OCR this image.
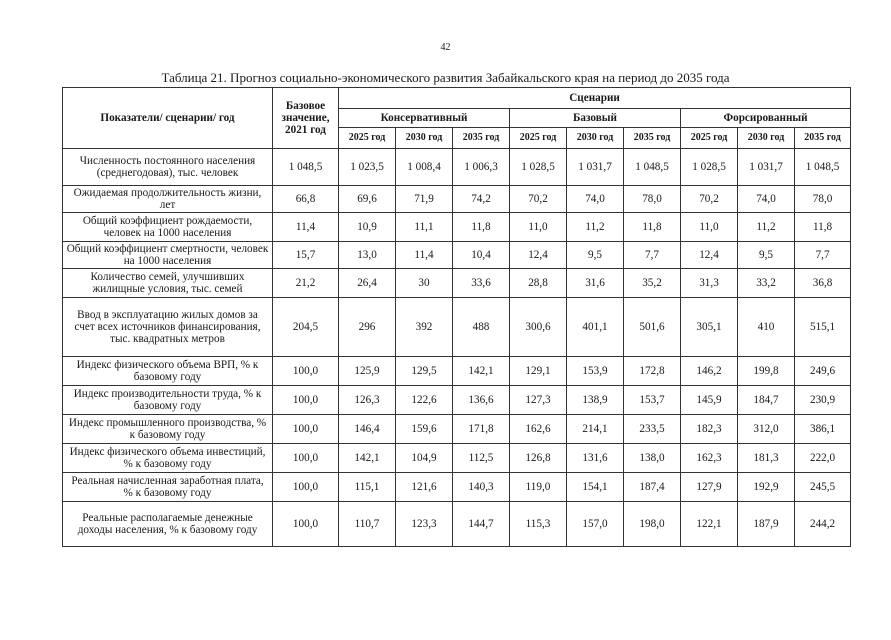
42
Таблица 21. Прогноз социально-экономического развития Забайкальского края на период до 2035 года
Показатели/ сценарии/ год	Базовое значение, 2021 год	Сценарии								
		Консервативный			Базовый			Форсированный		
		2025 год	2030 год	2035 год	2025 год	2030 год	2035 год	2025 год	2030 год	2035 год
Численность постоянного населения (среднегодовая), тыс. человек	1 048,5	1 023,5	1 008,4	1 006,3	1 028,5	1 031,7	1 048,5	1 028,5	1 031,7	1 048,5
Ожидаемая продолжительность жизни, лет	66,8	69,6	71,9	74,2	70,2	74,0	78,0	70,2	74,0	78,0
Общий коэффициент рождаемости, человек на 1000 населения	11,4	10,9	11,1	11,8	11,0	11,2	11,8	11,0	11,2	11,8
Общий коэффициент смертности, человек на 1000 населения	15,7	13,0	11,4	10,4	12,4	9,5	7,7	12,4	9,5	7,7
Количество семей, улучшивших жилищные условия, тыс. семей	21,2	26,4	30	33,6	28,8	31,6	35,2	31,3	33,2	36,8
Ввод в эксплуатацию жилых домов за счет всех источников финансирования, тыс. квадратных метров	204,5	296	392	488	300,6	401,1	501,6	305,1	410	515,1
Индекс физического объема ВРП, % к базовому году	100,0	125,9	129,5	142,1	129,1	153,9	172,8	146,2	199,8	249,6
Индекс производительности труда, % к базовому году	100,0	126,3	122,6	136,6	127,3	138,9	153,7	145,9	184,7	230,9
Индекс промышленного производства, % к базовому году	100,0	146,4	159,6	171,8	162,6	214,1	233,5	182,3	312,0	386,1
Индекс физического объема инвестиций, % к базовому году	100,0	142,1	104,9	112,5	126,8	131,6	138,0	162,3	181,3	222,0
Реальная начисленная заработная плата, % к базовому году	100,0	115,1	121,6	140,3	119,0	154,1	187,4	127,9	192,9	245,5
Реальные располагаемые денежные доходы населения, % к базовому году	100,0	110,7	123,3	144,7	115,3	157,0	198,0	122,1	187,9	244,2
